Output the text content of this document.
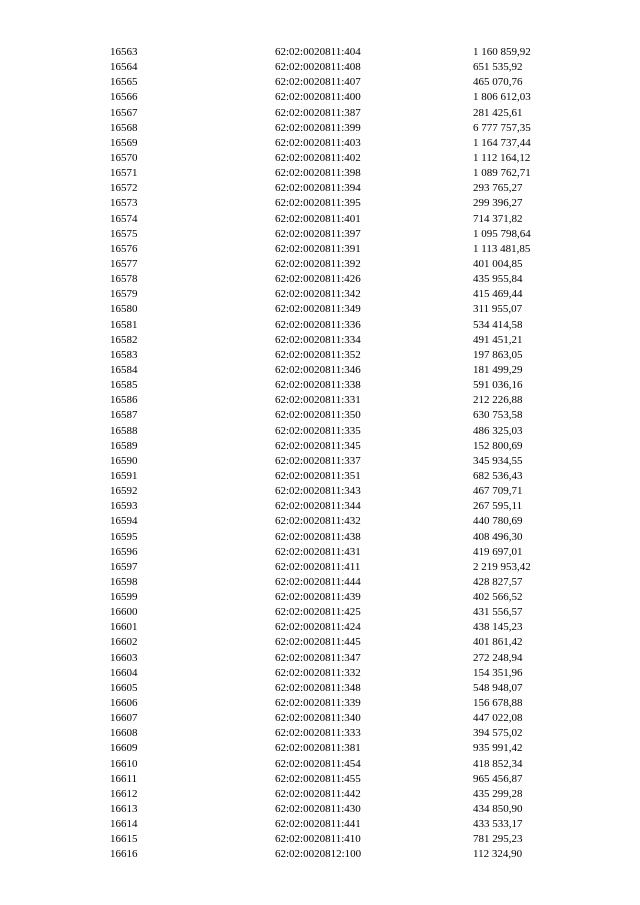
16563	62:02:0020811:404	1 160 859,92
16564	62:02:0020811:408	651 535,92
16565	62:02:0020811:407	465 070,76
16566	62:02:0020811:400	1 806 612,03
16567	62:02:0020811:387	281 425,61
16568	62:02:0020811:399	6 777 757,35
16569	62:02:0020811:403	1 164 737,44
16570	62:02:0020811:402	1 112 164,12
16571	62:02:0020811:398	1 089 762,71
16572	62:02:0020811:394	293 765,27
16573	62:02:0020811:395	299 396,27
16574	62:02:0020811:401	714 371,82
16575	62:02:0020811:397	1 095 798,64
16576	62:02:0020811:391	1 113 481,85
16577	62:02:0020811:392	401 004,85
16578	62:02:0020811:426	435 955,84
16579	62:02:0020811:342	415 469,44
16580	62:02:0020811:349	311 955,07
16581	62:02:0020811:336	534 414,58
16582	62:02:0020811:334	491 451,21
16583	62:02:0020811:352	197 863,05
16584	62:02:0020811:346	181 499,29
16585	62:02:0020811:338	591 036,16
16586	62:02:0020811:331	212 226,88
16587	62:02:0020811:350	630 753,58
16588	62:02:0020811:335	486 325,03
16589	62:02:0020811:345	152 800,69
16590	62:02:0020811:337	345 934,55
16591	62:02:0020811:351	682 536,43
16592	62:02:0020811:343	467 709,71
16593	62:02:0020811:344	267 595,11
16594	62:02:0020811:432	440 780,69
16595	62:02:0020811:438	408 496,30
16596	62:02:0020811:431	419 697,01
16597	62:02:0020811:411	2 219 953,42
16598	62:02:0020811:444	428 827,57
16599	62:02:0020811:439	402 566,52
16600	62:02:0020811:425	431 556,57
16601	62:02:0020811:424	438 145,23
16602	62:02:0020811:445	401 861,42
16603	62:02:0020811:347	272 248,94
16604	62:02:0020811:332	154 351,96
16605	62:02:0020811:348	548 948,07
16606	62:02:0020811:339	156 678,88
16607	62:02:0020811:340	447 022,08
16608	62:02:0020811:333	394 575,02
16609	62:02:0020811:381	935 991,42
16610	62:02:0020811:454	418 852,34
16611	62:02:0020811:455	965 456,87
16612	62:02:0020811:442	435 299,28
16613	62:02:0020811:430	434 850,90
16614	62:02:0020811:441	433 533,17
16615	62:02:0020811:410	781 295,23
16616	62:02:0020812:100	112 324,90
